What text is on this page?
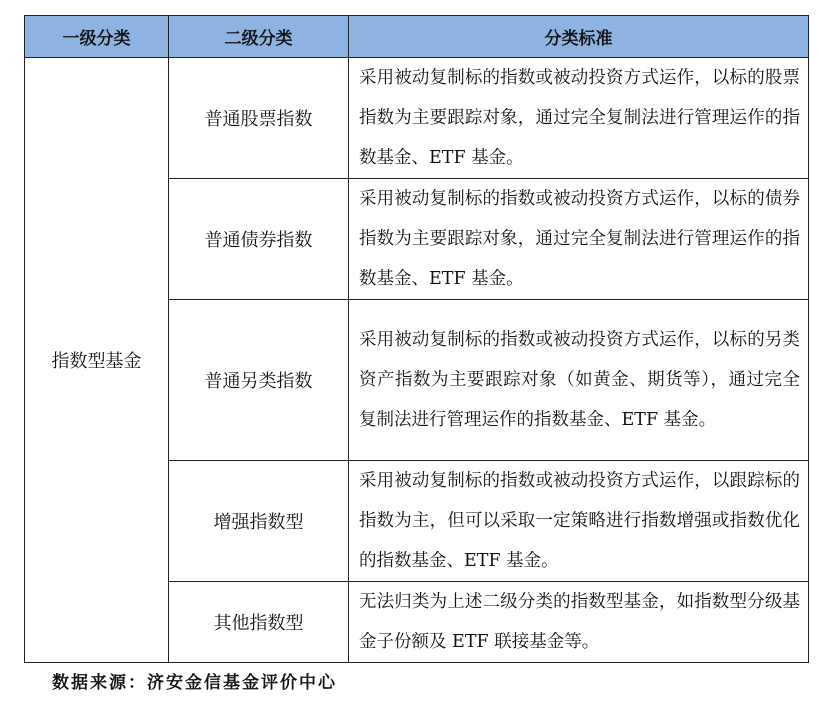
一级分类	二级分类	分类标准
指数型基金	普通股票指数	采用被动复制标的指数或被动投资方式运作，以标的股票指数为主要跟踪对象，通过完全复制法进行管理运作的指数基金、ETF 基金。
	普通债券指数	采用被动复制标的指数或被动投资方式运作，以标的债券指数为主要跟踪对象，通过完全复制法进行管理运作的指数基金、ETF 基金。
	普通另类指数	采用被动复制标的指数或被动投资方式运作，以标的另类资产指数为主要跟踪对象（如黄金、期货等），通过完全复制法进行管理运作的指数基金、ETF 基金。
	增强指数型	采用被动复制标的指数或被动投资方式运作，以跟踪标的指数为主，但可以采取一定策略进行指数增强或指数优化的指数基金、ETF 基金。
	其他指数型	无法归类为上述二级分类的指数型基金，如指数型分级基金子份额及 ETF 联接基金等。
数据来源：济安金信基金评价中心
